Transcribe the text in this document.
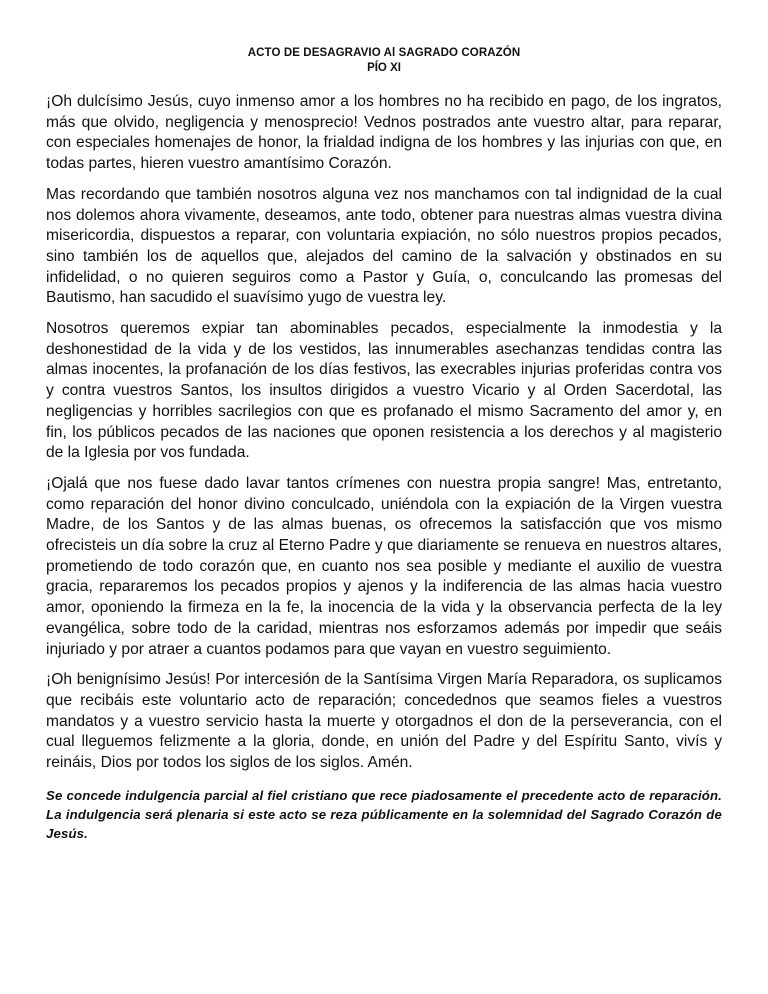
ACTO DE DESAGRAVIO Al SAGRADO CORAZÓN
PÍO XI

¡Oh dulcísimo Jesús, cuyo inmenso amor a los hombres no ha recibido en pago, de los ingratos, más que olvido, negligencia y menosprecio! Vednos postrados ante vuestro altar, para reparar, con especiales homenajes de honor, la frialdad indigna de los hombres y las injurias con que, en todas partes, hieren vuestro amantísimo Corazón.

Mas recordando que también nosotros alguna vez nos manchamos con tal indignidad de la cual nos dolemos ahora vivamente, deseamos, ante todo, obtener para nuestras almas vuestra divina misericordia, dispuestos a reparar, con voluntaria expiación, no sólo nuestros propios pecados, sino también los de aquellos que, alejados del camino de la salvación y obstinados en su infidelidad, o no quieren seguiros como a Pastor y Guía, o, conculcando las promesas del Bautismo, han sacudido el suavísimo yugo de vuestra ley.

Nosotros queremos expiar tan abominables pecados, especialmente la inmodestia y la deshonestidad de la vida y de los vestidos, las innumerables asechanzas tendidas contra las almas inocentes, la profanación de los días festivos, las execrables injurias proferidas contra vos y contra vuestros Santos, los insultos dirigidos a vuestro Vicario y al Orden Sacerdotal, las negligencias y horribles sacrilegios con que es profanado el mismo Sacramento del amor y, en fin, los públicos pecados de las naciones que oponen resistencia a los derechos y al magisterio de la Iglesia por vos fundada.

¡Ojalá que nos fuese dado lavar tantos crímenes con nuestra propia sangre! Mas, entretanto, como reparación del honor divino conculcado, uniéndola con la expiación de la Virgen vuestra Madre, de los Santos y de las almas buenas, os ofrecemos la satisfacción que vos mismo ofrecisteis un día sobre la cruz al Eterno Padre y que diariamente se renueva en nuestros altares, prometiendo de todo corazón que, en cuanto nos sea posible y mediante el auxilio de vuestra gracia, repararemos los pecados propios y ajenos y la indiferencia de las almas hacia vuestro amor, oponiendo la firmeza en la fe, la inocencia de la vida y la observancia perfecta de la ley evangélica, sobre todo de la caridad, mientras nos esforzamos además por impedir que seáis injuriado y por atraer a cuantos podamos para que vayan en vuestro seguimiento.

¡Oh benignísimo Jesús! Por intercesión de la Santísima Virgen María Reparadora, os suplicamos que recibáis este voluntario acto de reparación; concedednos que seamos fieles a vuestros mandatos y a vuestro servicio hasta la muerte y otorgadnos el don de la perseverancia, con el cual lleguemos felizmente a la gloria, donde, en unión del Padre y del Espíritu Santo, vivís y reináis, Dios por todos los siglos de los siglos. Amén.

Se concede indulgencia parcial al fiel cristiano que rece piadosamente el precedente acto de reparación. La indulgencia será plenaria si este acto se reza públicamente en la solemnidad del Sagrado Corazón de Jesús.
